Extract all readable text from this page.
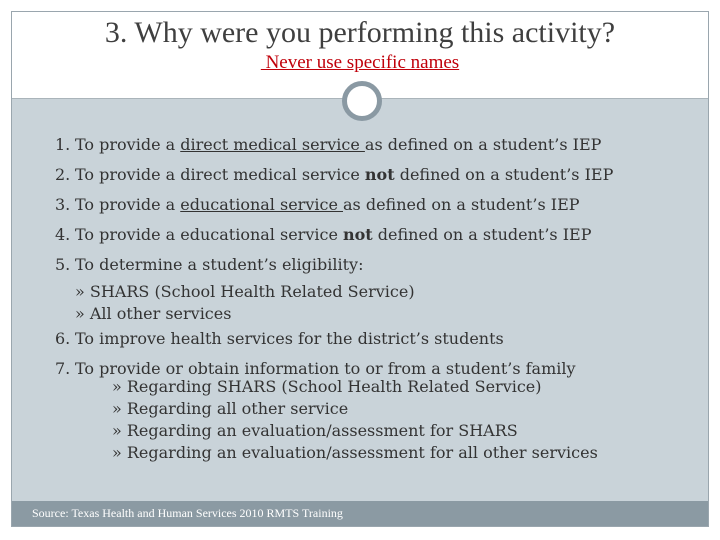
3. Why were you performing this activity?
Never use specific names
1. To provide a direct medical service as defined on a student’s IEP
2. To provide a direct medical service not defined on a student’s IEP
3. To provide a educational service as defined on a student’s IEP
4. To provide a educational service not defined on a student’s IEP
5. To determine a student’s eligibility:
» SHARS (School Health Related Service)
» All other services
6. To improve health services for the district’s students
7. To provide or obtain information to or from a student’s family
» Regarding SHARS (School Health Related Service)
» Regarding all other service
» Regarding an evaluation/assessment for SHARS
» Regarding an evaluation/assessment for all other services
Source: Texas Health and Human Services 2010 RMTS Training
